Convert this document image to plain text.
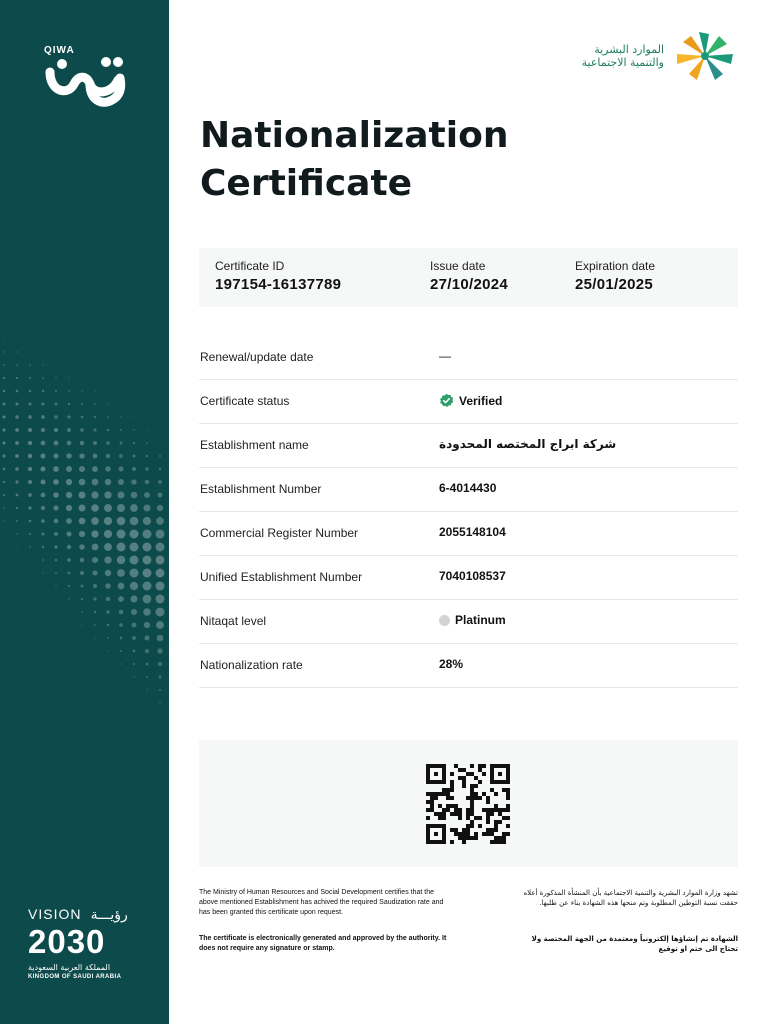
QIWA
VISION رؤيـــة
2030
المملكة العربية السعودية
KINGDOM OF SAUDI ARABIA
الموارد البشرية
والتنمية الاجتماعية
Nationalization Certificate
Certificate ID
197154-16137789
Issue date
27/10/2024
Expiration date
25/01/2025
Renewal/update date	—
Certificate status	Verified
Establishment name	شركة ابراج المختصه المحدودة
Establishment Number	6-4014430
Commercial Register Number	2055148104
Unified Establishment Number	7040108537
Nitaqat level	Platinum
Nationalization rate	28%

The Ministry of Human Resources and Social Development certifies that the above mentioned Establishment has achived the required Saudization rate and has been granted this certificate upon request.

The certificate is electronically generated and approved by the authority. It does not require any signature or stamp.

تشهد وزارة الموارد البشرية والتنمية الاجتماعية بأن المنشأة المذكورة أعلاه حققت نسبة التوطين المطلوبة وتم منحها هذه الشهادة بناء عن طلبها.

الشهادة تم إنشاؤها إلكترونياً ومعتمدة من الجهة المختصة ولا تحتاج الى ختم او توقيع
